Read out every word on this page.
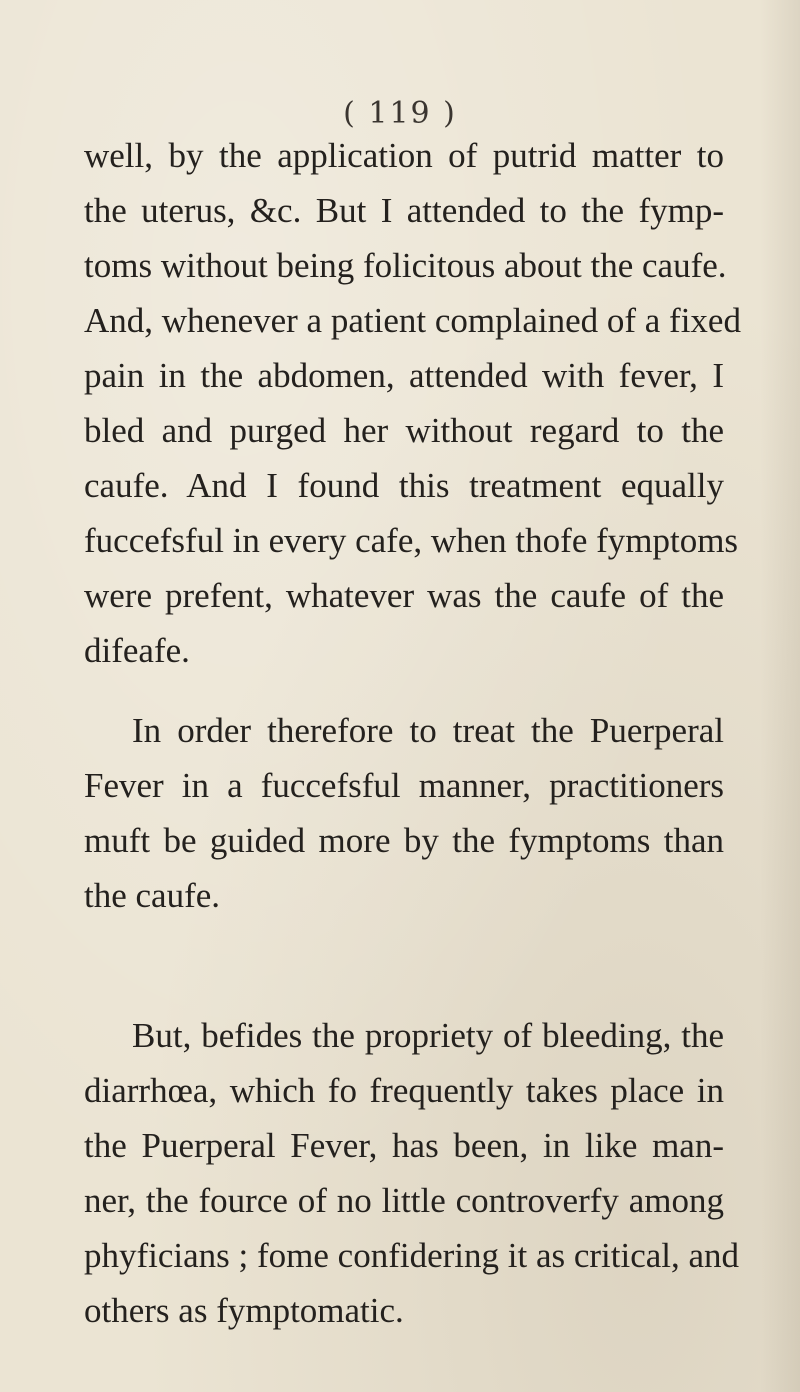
( 119 )
well, by the application of putrid matter to
the uterus, &c. But I attended to the fymp-
toms without being folicitous about the caufe.
And, whenever a patient complained of a fixed
pain in the abdomen, attended with fever, I
bled and purged her without regard to the
caufe. And I found this treatment equally
fuccefsful in every cafe, when thofe fymptoms
were prefent, whatever was the caufe of the
difeafe.
In order therefore to treat the Puerperal
Fever in a fuccefsful manner, practitioners
muft be guided more by the fymptoms than
the caufe.
But, befides the propriety of bleeding, the
diarrhœa, which fo frequently takes place in
the Puerperal Fever, has been, in like man-
ner, the fource of no little controverfy among
phyficians ; fome confidering it as critical, and
others as fymptomatic.
